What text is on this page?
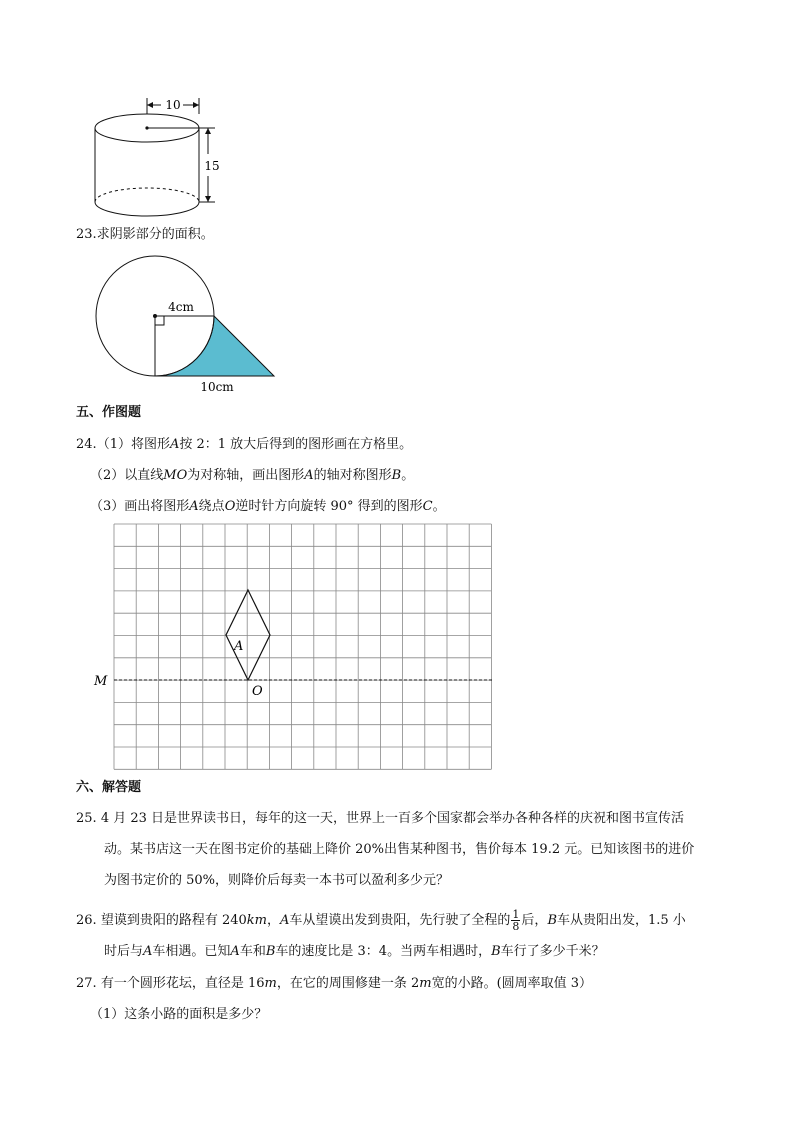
10
15
23.求阴影部分的面积。
4cm
10cm
五、作图题
24.（1）将图形A按 2：1 放大后得到的图形画在方格里。
（2）以直线MO为对称轴，画出图形A的轴对称图形B。
（3）画出将图形A绕点O逆时针方向旋转 90° 得到的图形C。
A
M
O
六、解答题
25. 4 月 23 日是世界读书日，每年的这一天，世界上一百多个国家都会举办各种各样的庆祝和图书宣传活
动。某书店这一天在图书定价的基础上降价 20%出售某种图书，售价每本 19.2 元。已知该图书的进价
为图书定价的 50%，则降价后每卖一本书可以盈利多少元？
26. 望谟到贵阳的路程有 240km，A车从望谟出发到贵阳，先行驶了全程的 $\frac{1}{8}$ 后，B车从贵阳出发，1.5 小
时后与A车相遇。已知A车和B车的速度比是 3：4。当两车相遇时，B车行了多少千米？
27. 有一个圆形花坛，直径是 16m，在它的周围修建一条 2m宽的小路。(圆周率取值 3）
（1）这条小路的面积是多少？
